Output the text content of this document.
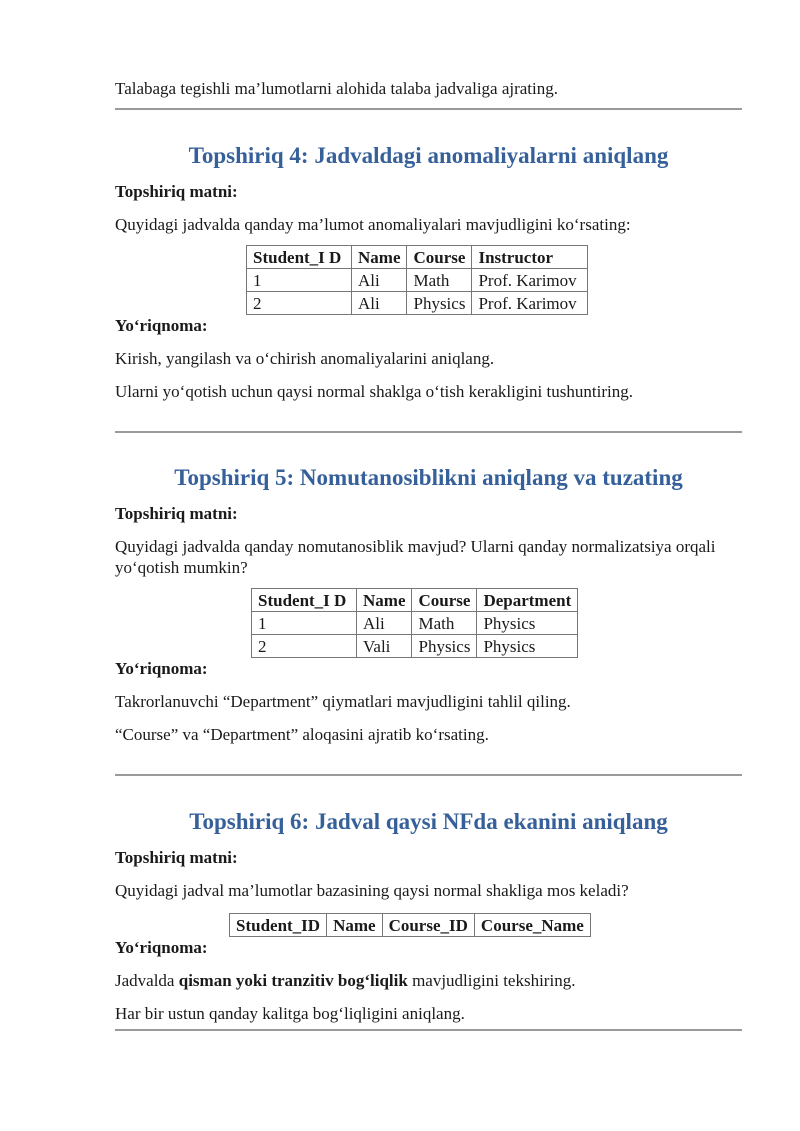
Talabaga tegishli ma’lumotlarni alohida talaba jadvaliga ajrating.

Topshiriq 4: Jadvaldagi anomaliyalarni aniqlang

Topshiriq matni:

Quyidagi jadvalda qanday ma’lumot anomaliyalari mavjudligini ko‘rsating:

Student_I D	Name	Course	Instructor
1	Ali	Math	Prof. Karimov
2	Ali	Physics	Prof. Karimov

Yo‘riqnoma:

Kirish, yangilash va o‘chirish anomaliyalarini aniqlang.

Ularni yo‘qotish uchun qaysi normal shaklga o‘tish kerakligini tushuntiring.

Topshiriq 5: Nomutanosiblikni aniqlang va tuzating

Topshiriq matni:

Quyidagi jadvalda qanday nomutanosiblik mavjud? Ularni qanday normalizatsiya orqali yo‘qotish mumkin?

Student_I D	Name	Course	Department
1	Ali	Math	Physics
2	Vali	Physics	Physics

Yo‘riqnoma:

Takrorlanuvchi “Department” qiymatlari mavjudligini tahlil qiling.

“Course” va “Department” aloqasini ajratib ko‘rsating.

Topshiriq 6: Jadval qaysi NFda ekanini aniqlang

Topshiriq matni:

Quyidagi jadval ma’lumotlar bazasining qaysi normal shakliga mos keladi?

Student_ID	Name	Course_ID	Course_Name

Yo‘riqnoma:

Jadvalda qisman yoki tranzitiv bog‘liqlik mavjudligini tekshiring.

Har bir ustun qanday kalitga bog‘liqligini aniqlang.
